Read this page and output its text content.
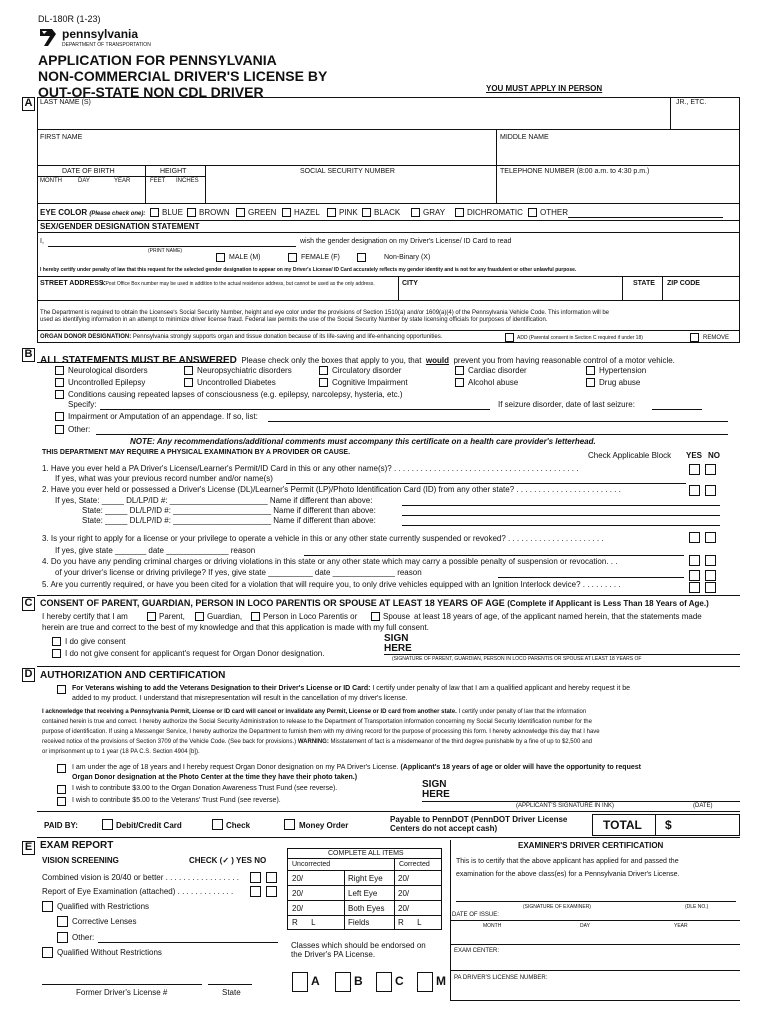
DL-180R (1-23)
pennsylvania
DEPARTMENT OF TRANSPORTATION
APPLICATION FOR PENNSYLVANIA
NON-COMMERCIAL DRIVER'S LICENSE BY
OUT-OF-STATE NON CDL DRIVER	YOU MUST APPLY IN PERSON
A	LAST NAME (S)	JR., ETC.
FIRST NAME	MIDDLE NAME
DATE OF BIRTH
MONTH	DAY	YEAR
HEIGHT
FEET INCHES
SOCIAL SECURITY NUMBER	TELEPHONE NUMBER (8:00 a.m. to 4:30 p.m.)
EYE COLOR (Please check one): BLUE BROWN GREEN HAZEL PINK BLACK	GRAY	DICHROMATIC OTHER
SEX/GENDER DESIGNATION STATEMENT
I,
(PRINT NAME)
wish the gender designation on my Driver's License/ ID Card to read
MALE (M)	FEMALE (F)	Non-Binary (X)
I hereby certify under penalty of law that this request for the selected gender designation to appear on my Driver's License/ ID Card accurately reflects my gender identity and is not for any fraudulent or other unlawful purpose.
STREET ADDRESS:
A Post Office Box number may be used in addition to the actual residence address, but cannot be used as the only address.	CITY	STATE ZIP CODE
The Department is required to obtain the Licensee's Social Security Number, height and eye color under the provisions of Section 1510(a) and/or 1609(a)(4) of the Pennsylvania Vehicle Code. This information will be
used as identifying information in an attempt to minimize driver license fraud. Federal law permits the use of the Social Security Number by state licensing officials for purposes of identification.
ORGAN DONOR DESIGNATION: Pennsylvania strongly supports organ and tissue donation because of its life-saving and life-enhancing opportunities.	ADD (Parental consent in Section C required if under 18)	REMOVE
B
ALL STATEMENTS MUST BE ANSWERED Please check only the boxes that apply to you, that would prevent you from having reasonable control of a motor vehicle.
Neurological disorders
Uncontrolled Epilepsy
Neuropsychiatric disorders
Uncontrolled Diabetes
Circulatory disorder
Cognitive Impairment
Cardiac disorder
Alcohol abuse
Hypertension
Drug abuse
Conditions causing repeated lapses of consciousness (e.g. epilepsy, narcolepsy, hysteria, etc.)
Specify:	If seizure disorder, date of last seizure:
Impairment or Amputation of an appendage. If so, list:
Other:
NOTE: Any recommendations/additional comments must accompany this certificate on a health care provider's letterhead.
THIS DEPARTMENT MAY REQUIRE A PHYSICAL EXAMINATION BY A PROVIDER OR CAUSE.	Check Applicable Block YES NO
1. Have you ever held a PA Driver's License/Learner's Permit/ID Card in this or any other name(s)? . . . . . . . . . . . . . . . . . . . . . . . . . . . . . . . . . . . . . . . . . .
If yes, what was your previous record number and/or name(s)
2. Have you ever held or possessed a Driver's License (DL)/Learner's Permit (LP)/Photo Identification Card (ID) from any other state? . . . . . . . . . . . . . . . . . . . . . . . .
If yes, State: _____ DL/LP/ID #: ______________________ Name if different than above:
State: _____ DL/LP/ID #: ______________________ Name if different than above:
State: _____ DL/LP/ID #: ______________________ Name if different than above:
3. Is your right to apply for a license or your privilege to operate a vehicle in this or any other state currently suspended or revoked? . . . . . . . . . . . . . . . . . . . . . .
If yes, give state _______ date ______________ reason
4. Do you have any pending criminal charges or driving violations in this state or any other state which may carry a possible penalty of suspension or revocation. . .
of your driver's license or driving privilege? If yes, give state __________ date ______________ reason
5. Are you currently required, or have you been cited for a violation that will require you, to only drive vehicles equipped with an Ignition Interlock device? . . . . . . . . .
C CONSENT OF PARENT, GUARDIAN, PERSON IN LOCO PARENTIS OR SPOUSE AT LEAST 18 YEARS OF AGE (Complete if Applicant is Less Than 18 Years of Age.)
I hereby certify that I am	Parent,	Guardian,	Person in Loco Parentis or	Spouse at least 18 years of age, of the applicant named herein, that the statements made
herein are true and correct to the best of my knowledge and that this application is made with my full consent.
I do give consent
I do not give consent for applicant's request for Organ Donor designation.
SIGN
HERE
(SIGNATURE OF PARENT, GUARDIAN, PERSON IN LOCO PARENTIS OR SPOUSE AT LEAST 18 YEARS OF
D AUTHORIZATION AND CERTIFICATION
For Veterans wishing to add the Veterans Designation to their Driver's License or ID Card: I certify under penalty of law that I am a qualified applicant and hereby request it be
added to my product. I understand that misrepresentation will result in the cancellation of my driver's license.
I acknowledge that receiving a Pennsylvania Permit, License or ID card will cancel or invalidate any Permit, License or ID card from another state. I certify under penalty of law that the information
contained herein is true and correct. I hereby authorize the Social Security Administration to release to the Department of Transportation information concerning my Social Security Identification number for the
purpose of identification. If using a Messenger Service, I hereby authorize the Department to furnish them with my driving record for the purpose of processing this form. I hereby acknowledge this day that I have
received notice of the provisions of Section 3709 of the Vehicle Code. (See back for provisions.) WARNING: Misstatement of fact is a misdemeanor of the third degree punishable by a fine of up to $2,500 and
or imprisonment up to 1 year (18 PA C.S. Section 4904 [b]).
I am under the age of 18 years and I hereby request Organ Donor designation on my PA Driver's License. (Applicant's 18 years of age or older will have the opportunity to request
Organ Donor designation at the Photo Center at the time they have their photo taken.)
I wish to contribute $3.00 to the Organ Donation Awareness Trust Fund (see reverse).
I wish to contribute $5.00 to the Veterans' Trust Fund (see reverse).
SIGN
HERE
(APPLICANT'S SIGNATURE IN INK)	(DATE)
PAID BY:	Debit/Credit Card	Check	Money Order
Payable to PennDOT (PennDOT Driver License
Centers do not accept cash)	TOTAL $
E EXAM REPORT
VISION SCREENING	CHECK (✓ ) YES NO
Combined vision is 20/40 or better . . . . . . . . . . . . . . . . .
Report of Eye Examination (attached) . . . . . . . . . . . . .
Qualified with Restrictions
Corrective Lenses
Other:
Qualified Without Restrictions
Former Driver's License #	State
COMPLETE ALL ITEMS
Uncorrected	Corrected
20/	Right Eye 20/
20/	Left Eye	20/
20/	Both Eyes 20/
R      L	Fields	R      L
Classes which should be endorsed on
the Driver's PA License.
A	B	C	M
EXAMINER'S DRIVER CERTIFICATION
This is to certify that the above applicant has applied for and passed the
examination for the above class(es) for a Pennsylvania Driver's License.
(SIGNATURE OF EXAMINER)	(DLE NO.)
DATE OF ISSUE:
MONTH	DAY	YEAR
EXAM CENTER:
PA DRIVER'S LICENSE NUMBER:
